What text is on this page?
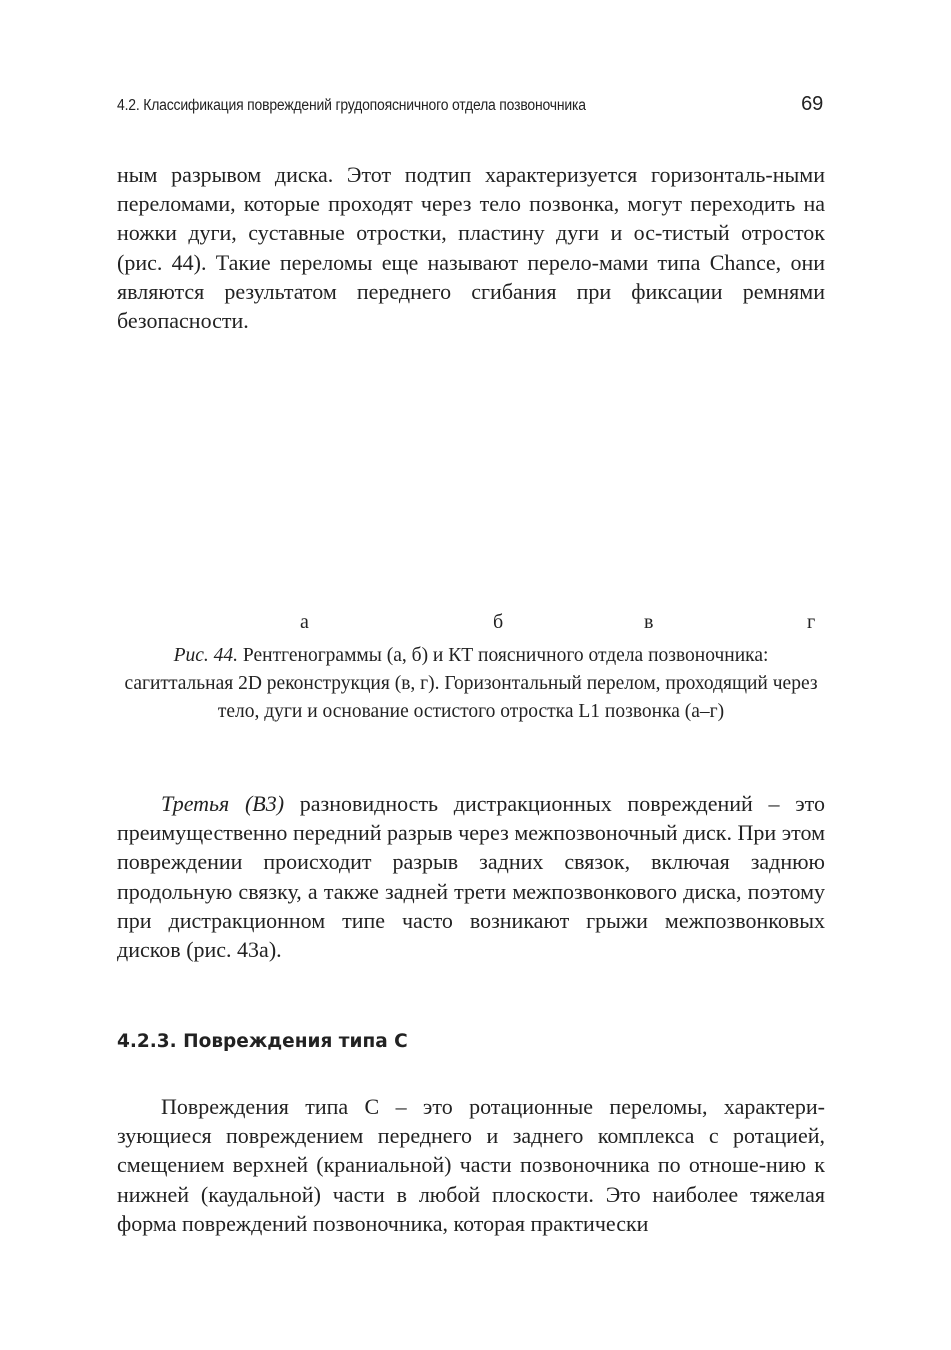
4.2. Классификация повреждений грудопоясничного отдела позвоночника	69

ным разрывом диска. Этот подтип характеризуется горизонталь-ными переломами, которые проходят через тело позвонка, могут переходить на ножки дуги, суставные отростки, пластину дуги и ос-тистый отросток (рис. 44). Такие переломы еще называют перело-мами типа Chance, они являются результатом переднего сгибания при фиксации ремнями безопасности.

а	б	в	г

Рис. 44. Рентгенограммы (а, б) и КТ поясничного отдела позвоночника: сагиттальная 2D реконструкция (в, г). Горизонтальный перелом, проходящий через тело, дуги и основание остистого отростка L1 позвонка (а–г)

Третья (B3) разновидность дистракционных повреждений – это преимущественно передний разрыв через межпозвоночный диск. При этом повреждении происходит разрыв задних связок, включая заднюю продольную связку, а также задней трети межпозвонкового диска, поэтому при дистракционном типе часто возникают грыжи межпозвонковых дисков (рис. 43а).

4.2.3. Повреждения типа С

Повреждения типа С – это ротационные переломы, характери-зующиеся повреждением переднего и заднего комплекса с ротацией, смещением верхней (краниальной) части позвоночника по отноше-нию к нижней (каудальной) части в любой плоскости. Это наиболее тяжелая форма повреждений позвоночника, которая практически
